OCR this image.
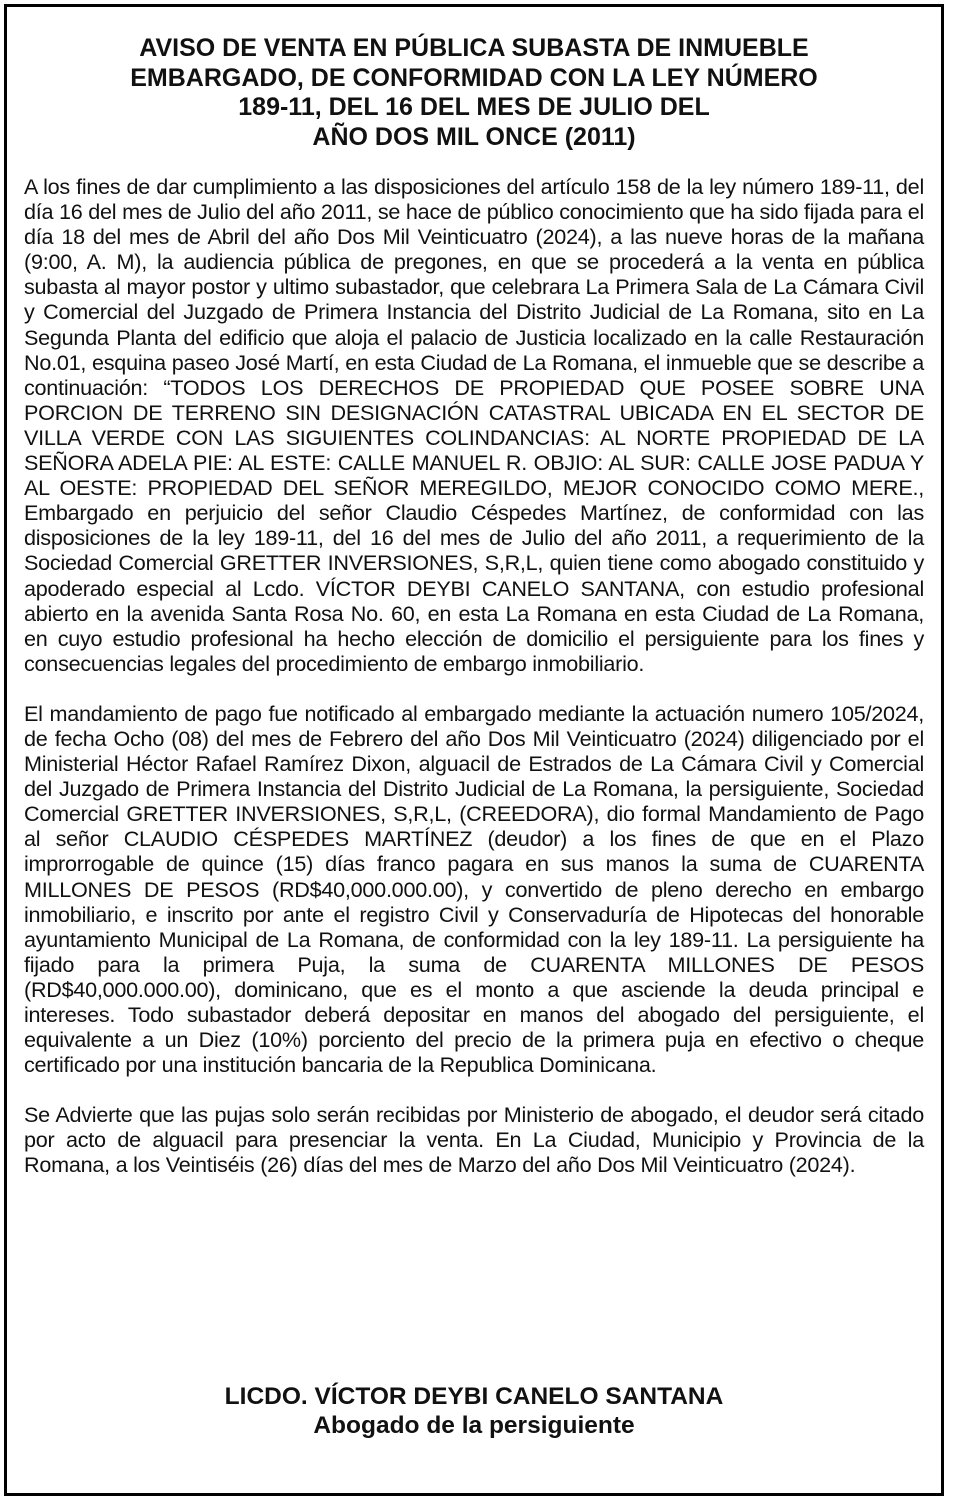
AVISO DE VENTA EN PÚBLICA SUBASTA DE INMUEBLE
EMBARGADO, DE CONFORMIDAD CON LA LEY NÚMERO
189-11, DEL 16 DEL MES DE JULIO DEL
AÑO DOS MIL ONCE (2011)

A los fines de dar cumplimiento a las disposiciones del artículo 158 de la ley número 189-11, del día 16 del mes de Julio del año 2011, se hace de público conocimiento que ha sido fijada para el día 18 del mes de Abril del año Dos Mil Veinticuatro (2024), a las nueve horas de la mañana (9:00, A. M), la audiencia pública de pregones, en que se procederá a la venta en pública subasta al mayor postor y ultimo subastador, que celebrara La Primera Sala de La Cámara Civil y Comercial del Juzgado de Primera Instancia del Distrito Judicial de La Romana, sito en La Segunda Planta del edificio que aloja el palacio de Justicia localizado en la calle Restauración No.01, esquina paseo José Martí, en esta Ciudad de La Romana, el inmueble que se describe a continuación: “TODOS LOS DERECHOS DE PROPIEDAD QUE POSEE SOBRE UNA PORCION DE TERRENO SIN DESIGNACIÓN CATASTRAL UBICADA EN EL SECTOR DE VILLA VERDE CON LAS SIGUIENTES COLINDANCIAS: AL NORTE PROPIEDAD DE LA SEÑORA ADELA PIE: AL ESTE: CALLE MANUEL R. OBJIO: AL SUR: CALLE JOSE PADUA Y AL OESTE: PROPIEDAD DEL SEÑOR MEREGILDO, MEJOR CONOCIDO COMO MERE., Embargado en perjuicio del señor Claudio Céspedes Martínez, de conformidad con las disposiciones de la ley 189-11, del 16 del mes de Julio del año 2011, a requerimiento de la Sociedad Comercial GRETTER INVERSIONES, S,R,L, quien tiene como abogado constituido y apoderado especial al Lcdo. VÍCTOR DEYBI CANELO SANTANA, con estudio profesional abierto en la avenida Santa Rosa No. 60, en esta La Romana en esta Ciudad de La Romana, en cuyo estudio profesional ha hecho elección de domicilio el persiguiente para los fines y consecuencias legales del procedimiento de embargo inmobiliario.

El mandamiento de pago fue notificado al embargado mediante la actuación numero 105/2024, de fecha Ocho (08) del mes de Febrero del año Dos Mil Veinticuatro (2024) diligenciado por el Ministerial Héctor Rafael Ramírez Dixon, alguacil de Estrados de La Cámara Civil y Comercial del Juzgado de Primera Instancia del Distrito Judicial de La Romana, la persiguiente, Sociedad Comercial GRETTER INVERSIONES, S,R,L, (CREEDORA), dio formal Mandamiento de Pago al señor CLAUDIO CÉSPEDES MARTÍNEZ (deudor) a los fines de que en el Plazo improrrogable de quince (15) días franco pagara en sus manos la suma de CUARENTA MILLONES DE PESOS (RD$40,000.000.00), y convertido de pleno derecho en embargo inmobiliario, e inscrito por ante el registro Civil y Conservaduría de Hipotecas del honorable ayuntamiento Municipal de La Romana, de conformidad con la ley 189-11. La persiguiente ha fijado para la primera Puja, la suma de CUARENTA MILLONES DE PESOS (RD$40,000.000.00), dominicano, que es el monto a que asciende la deuda principal e intereses. Todo subastador deberá depositar en manos del abogado del persiguiente, el equivalente a un Diez (10%) porciento del precio de la primera puja en efectivo o cheque certificado por una institución bancaria de la Republica Dominicana.

Se Advierte que las pujas solo serán recibidas por Ministerio de abogado, el deudor será citado por acto de alguacil para presenciar la venta. En La Ciudad, Municipio y Provincia de la Romana, a los Veintiséis (26) días del mes de Marzo del año Dos Mil Veinticuatro (2024).

LICDO. VÍCTOR DEYBI CANELO SANTANA
Abogado de la persiguiente
